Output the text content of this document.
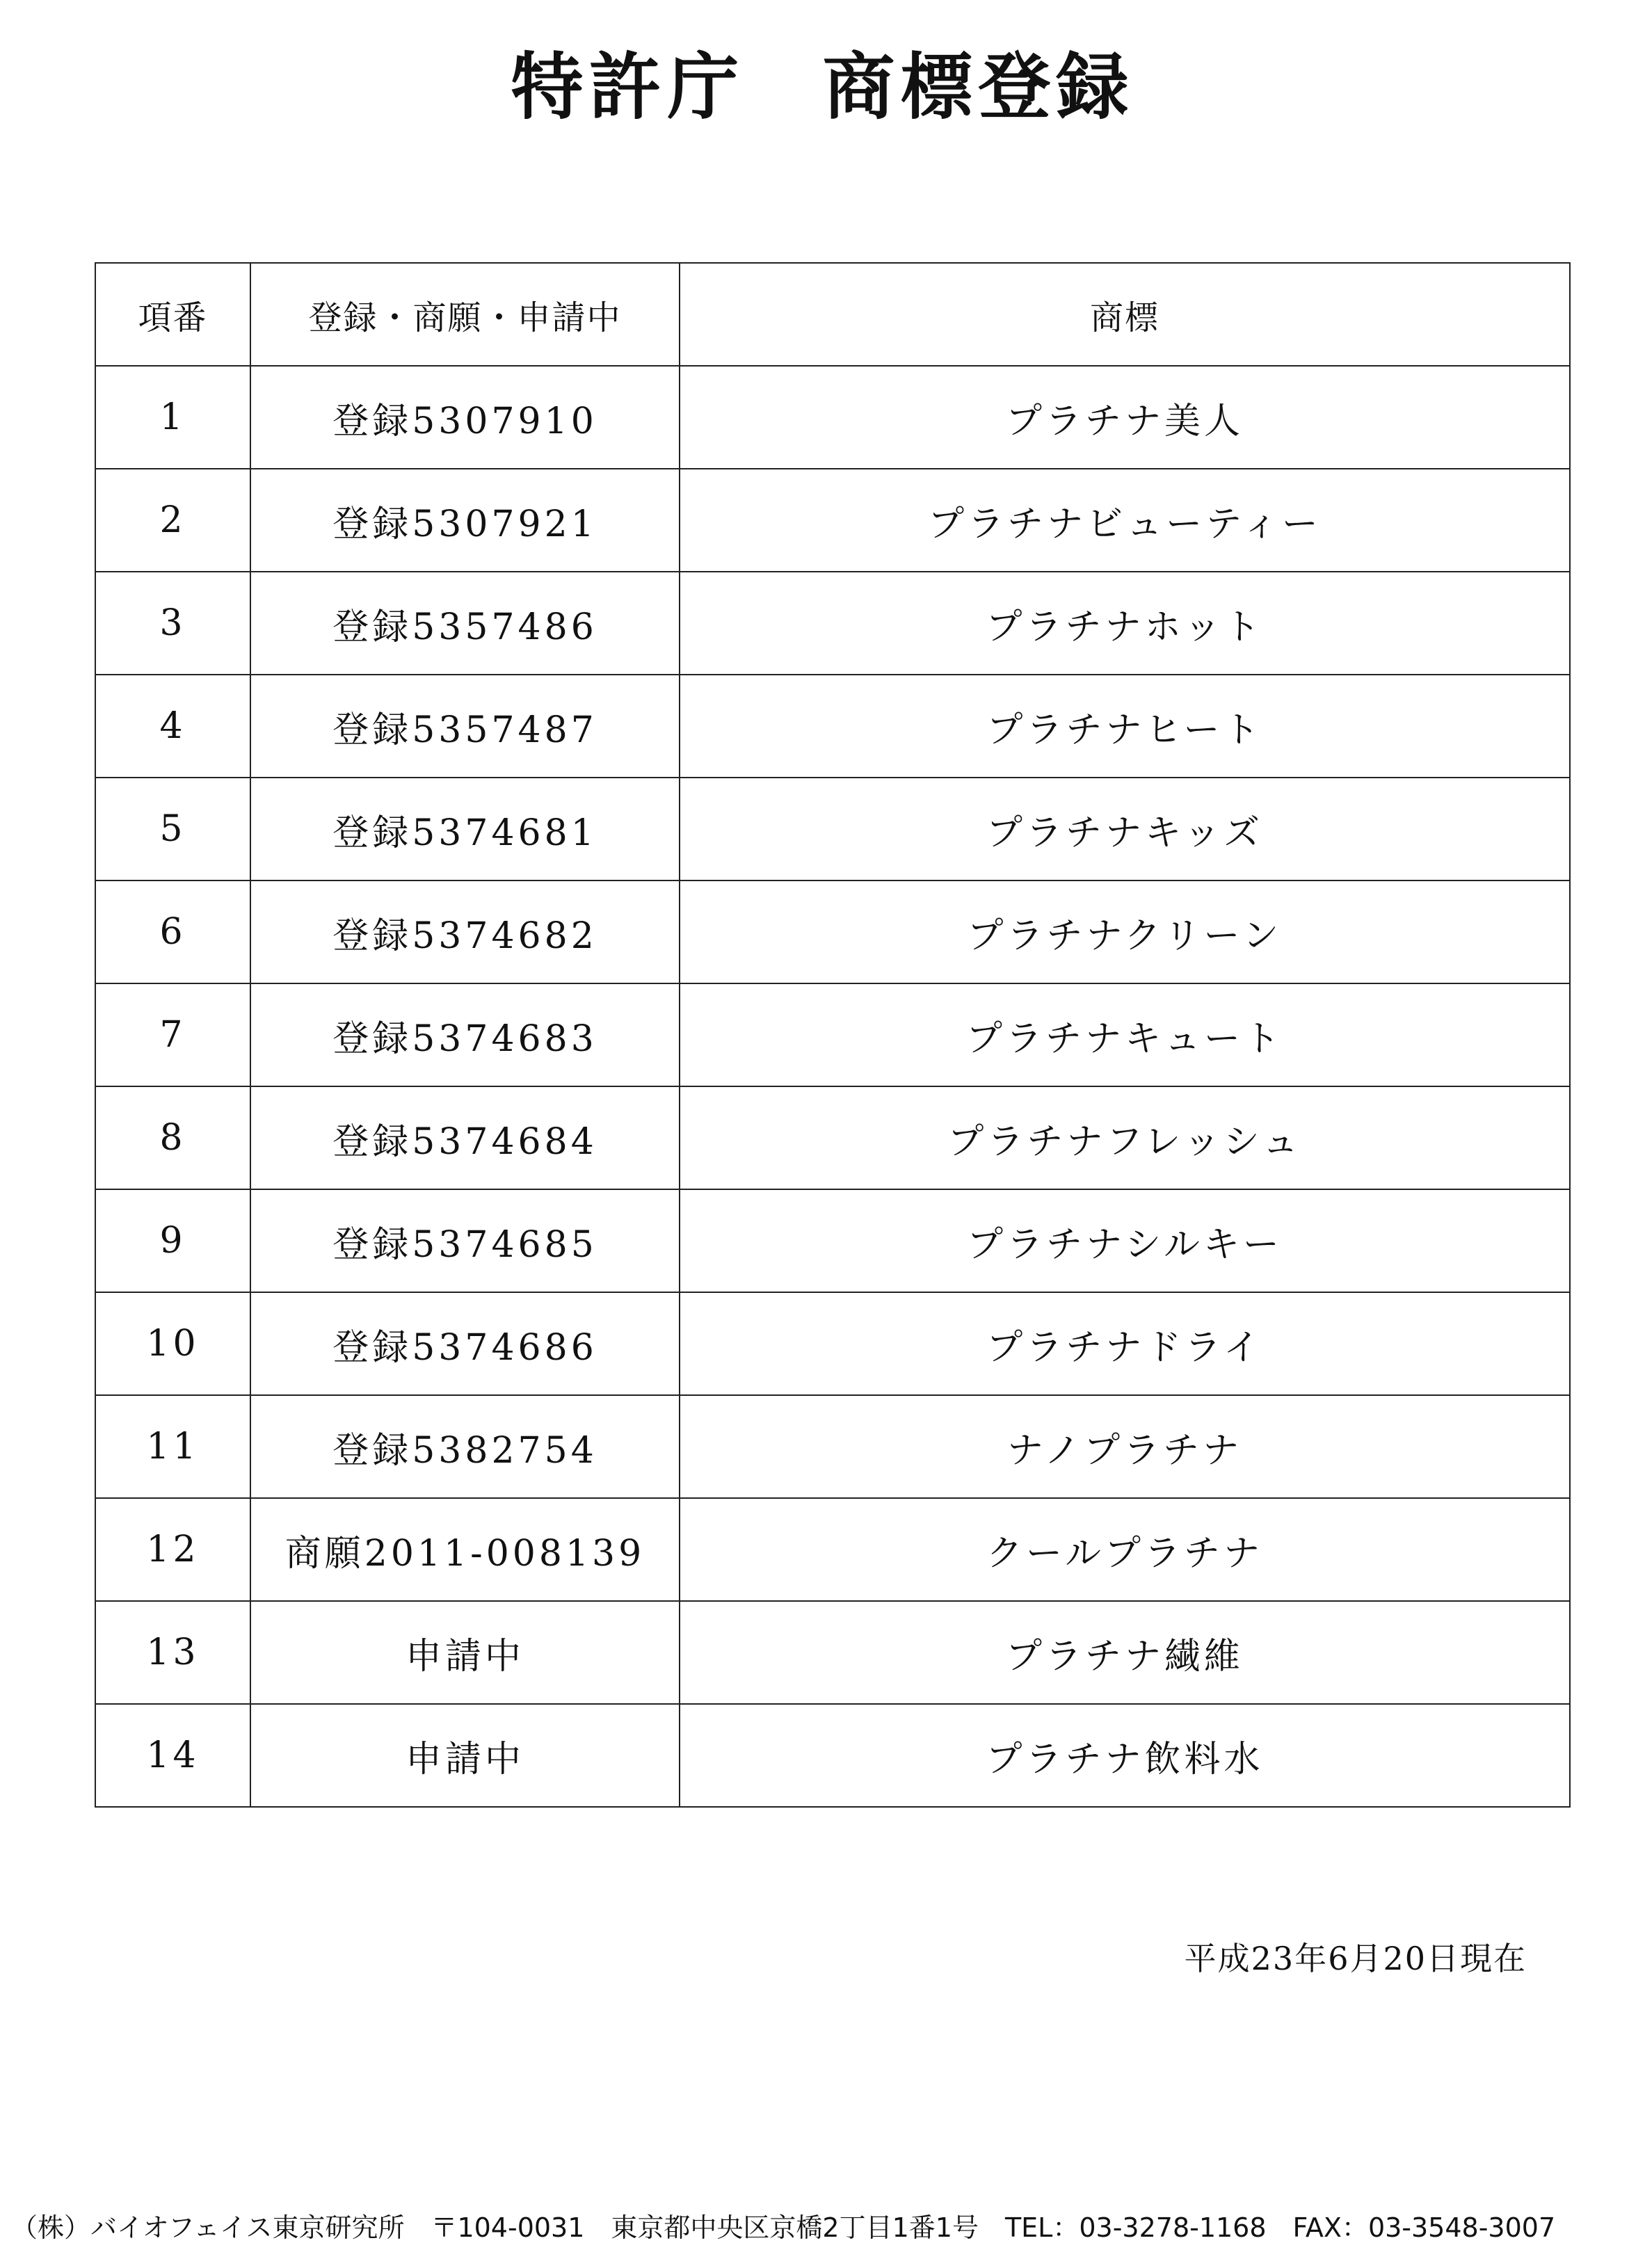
特許庁　商標登録
項番	登録・商願・申請中	商標
1	登録5307910	プラチナ美人
2	登録5307921	プラチナビューティー
3	登録5357486	プラチナホット
4	登録5357487	プラチナヒート
5	登録5374681	プラチナキッズ
6	登録5374682	プラチナクリーン
7	登録5374683	プラチナキュート
8	登録5374684	プラチナフレッシュ
9	登録5374685	プラチナシルキー
10	登録5374686	プラチナドライ
11	登録5382754	ナノプラチナ
12	商願2011-008139	クールプラチナ
13	申請中	プラチナ繊維
14	申請中	プラチナ飲料水
平成23年6月20日現在
（株）バイオフェイス東京研究所 〒104-0031 東京都中央区京橋2丁目1番1号 TEL：03-3278-1168 FAX：03-3548-3007
